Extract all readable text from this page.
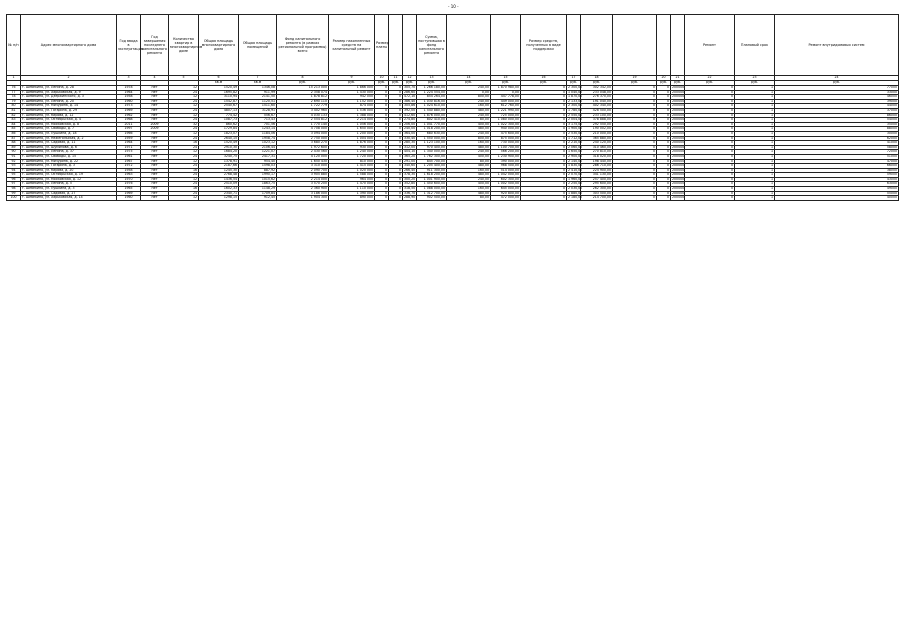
- 10 -
№ п/п	Адрес многоквартирного дома	Год ввода в эксплуатацию	Год завершения последнего капитального ремонта	Количество квартир в многоквартирном доме	Общая площадь многоквартирного дома	Общая площадь помещений	Фонд капитального ремонта (в рамках региональной программы) всего	Размер накопленных средств на капитальный ремонт	Размер платы			Сумма, поступившая в фонд капитального ремонта			Размер средств, полученных в виде поддержки						Ремонт	Плановый срок	Ремонт внутридомовых систем
1	2	3	4	5	6	7	8	9	10	11	12	13	14	15	16	17	18	19	20	21	22	23	24
					кв.м	кв.м	руб.	руб.	руб.	руб.	руб.	руб.	руб.	руб.	руб.	руб.	руб.	руб.	руб.	руб.	руб.	руб.	руб.
76	г. Шебекино, ул. Ленина, д. 28	1978	нет	12	1520,49	1346,08	15 213 000	1 866 000	0	0	305,70	1 266 180,00	240,00	1 870 980,00	0	2 300,00	302 342,00	0	0	200000	0	1	77000
77	г. Шебекино, ул. Харьковская, д. 9	1964	нет	24	1695,82	911,99	2 358 074	1 430 000	0	0	286,60	1 224 554,00	0,00	0,00	0	1 040,00	233 048,00	0	0	200000	0	1	33000
78	г. Шебекино, ул. Дзержинского, д. 3	1958	нет	12	3110,94	2141,50	1 878 812	942 000	0	0	472,10	854 264,00	800,00	447 778,00	0	1 870,00	276 370,00	0	0	200000	0	1	46000
79	г. Шебекино, ул. Ленина, д. 20	1960	нет	24	1542,87	1120,51	2 690 110	1 152 000	0	0	386,40	1 030 816,00	240,00	449 000,00	0	2 133,00	191 040,00	0	0	200000	0	1	39000
80	г. Шебекино, ул. Мичурина, д. 14	1973	нет	12	2540,67	1511,60	1 722 779	874 000	0	0	305,86	1 024 610,00	160,00	612 760,00	0	2 300,00	402 340,00	0	0	200000	0	1	44000
81	г. Шебекино, ул. Гагарина, д. 29	1969	нет	24	4807,13	3128,91	3 402 960	1 536 000	0	0	392,00	1 540 880,00	480,00	1 221 990,00	0	1 780,00	428 500,00	0	0	200000	0	1	37000
82	г. Шебекино, ул. Кирова, д. 12	1962	нет	12	774,42	556,67	4 030 133	1 388 000	0	0	412,60	1 876 000,00	240,00	725 000,00	0	2 550,00	233 100,00	0	0	200000	0	1	86000
83	г. Шебекино, ул. Октябрьская, д. 4	1968	нет	24	1087,73	713,43	2 554 812	2 214 000	0	0	274,80	802 410,00	80,00	1 080 000,00	0	2 004,00	378 888,00	0	0	200000	0	1	54000
84	г. Шебекино, ул. Московская, д. 8	2011	2009	32	860,62	701,56	1 770 140	1 056 000	0	0	206,00	1 041 770,00	400,00	1 022 300,00	0	3 175,00	292 550,00	0	0	200000	0	1	35000
85	г. Шебекино, ул. Свободы, д. 7	1997	2009	24	1729,84	1243,14	4 708 000	1 650 000	0	0	240,00	1 018 200,00	480,00	940 000,00	0	1 900,00	190 002,00	0	0	200000	0	1	88000
86	г. Шебекино, ул. Пушкина, д. 18	1966	нет	12	1823,07	1184,06	3 094 000	1 200 000	0	0	364,00	680 630,00	240,00	475 600,00	0	2 530,00	210 000,00	0	0	200000	0	1	30000
87	г. Шебекино, ул. Нежегольская, д. 2	1959	нет	24	2640,15	1958,74	2 750 000	1 004 000	0	0	330,40	1 550 000,00	800,00	875 000,00	0	1 712,00	365 880,00	0	0	200000	0	1	62000
88	г. Шебекино, ул. Садовая, д. 11	1964	нет	16	1520,49	1023,12	3 680 270	1 876 000	0	0	280,30	1 123 100,00	160,00	730 000,00	0	2 210,00	240 120,00	0	0	200000	0	1	41000
89	г. Шебекино, ул. Шумилова, д. 6	1971	нет	24	2910,30	2106,44	1 972 600	930 000	0	0	312,00	970 400,00	480,00	1 100 700,00	0	2 060,00	310 460,00	0	0	200000	0	1	58000
90	г. Шебекино, ул. Ленина, д. 37	1975	нет	12	1684,20	1221,07	2 430 560	1 240 000	0	0	404,10	1 340 000,00	240,00	566 200,00	0	1 650,00	270 810,00	0	0	200000	0	1	72000
91	г. Шебекино, ул. Свободы, д. 15	1961	нет	24	3240,75	2417,31	4 120 000	1 720 000	0	0	365,20	1 762 300,00	400,00	1 230 900,00	0	2 900,00	318 020,00	0	0	200000	0	1	51000
92	г. Шебекино, ул. Мичурина, д. 22	1967	нет	12	1378,91	954,40	1 650 430	810 000	0	0	291,00	845 700,00	80,00	390 000,00	0	2 140,00	198 440,00	0	0	200000	0	1	47000
93	г. Шебекино, ул. Гагарина, д. 3	1972	нет	24	2187,66	1598,03	3 310 000	1 415 000	0	0	340,60	1 205 400,00	480,00	968 500,00	0	1 830,00	286 710,00	0	0	200000	0	1	66000
94	г. Шебекино, ул. Кирова, д. 20	1958	нет	16	1245,30	887,92	2 090 700	1 020 000	0	0	266,40	911 300,00	160,00	514 000,00	0	2 410,00	224 900,00	0	0	200000	0	1	38000
95	г. Шебекино, ул. Октябрьская, д. 19	1963	нет	24	2768,48	1990,17	3 905 880	1 588 000	0	0	378,30	1 618 200,00	480,00	1 042 000,00	0	2 070,00	341 130,00	0	0	200000	0	1	59000
96	г. Шебекино, ул. Московская, д. 12	1970	нет	12	1436,54	1015,62	2 214 000	964 000	0	0	300,20	1 001 900,00	240,00	602 300,00	0	1 960,00	257 400,00	0	0	200000	0	1	43000
97	г. Шебекино, ул. Ленина, д. 5	1976	нет	24	2510,09	1863,75	3 570 200	1 470 000	0	0	352,80	1 450 600,00	400,00	1 002 500,00	0	2 250,00	295 600,00	0	0	200000	0	1	63000
98	г. Шебекино, ул. Пушкина, д. 3	1965	нет	16	1602,33	1148,29	2 360 900	1 110 000	0	0	318,50	1 088 000,00	160,00	645 000,00	0	2 030,00	262 300,00	0	0	200000	0	1	49000
99	г. Шебекино, ул. Садовая, д. 27	1969	нет	24	2340,71	1709,84	3 186 000	1 390 000	0	0	336,70	1 312 700,00	480,00	920 800,00	0	1 880,00	303 500,00	0	0	200000	0	1	55000
100	г. Шебекино, ул. Харьковская, д. 14	1960	нет	12	1298,15	912,45	1 904 300	890 000	0	0	288,90	902 500,00	80,00	472 000,00	0	2 180,00	214 700,00	0	0	200000	0	1	40000
